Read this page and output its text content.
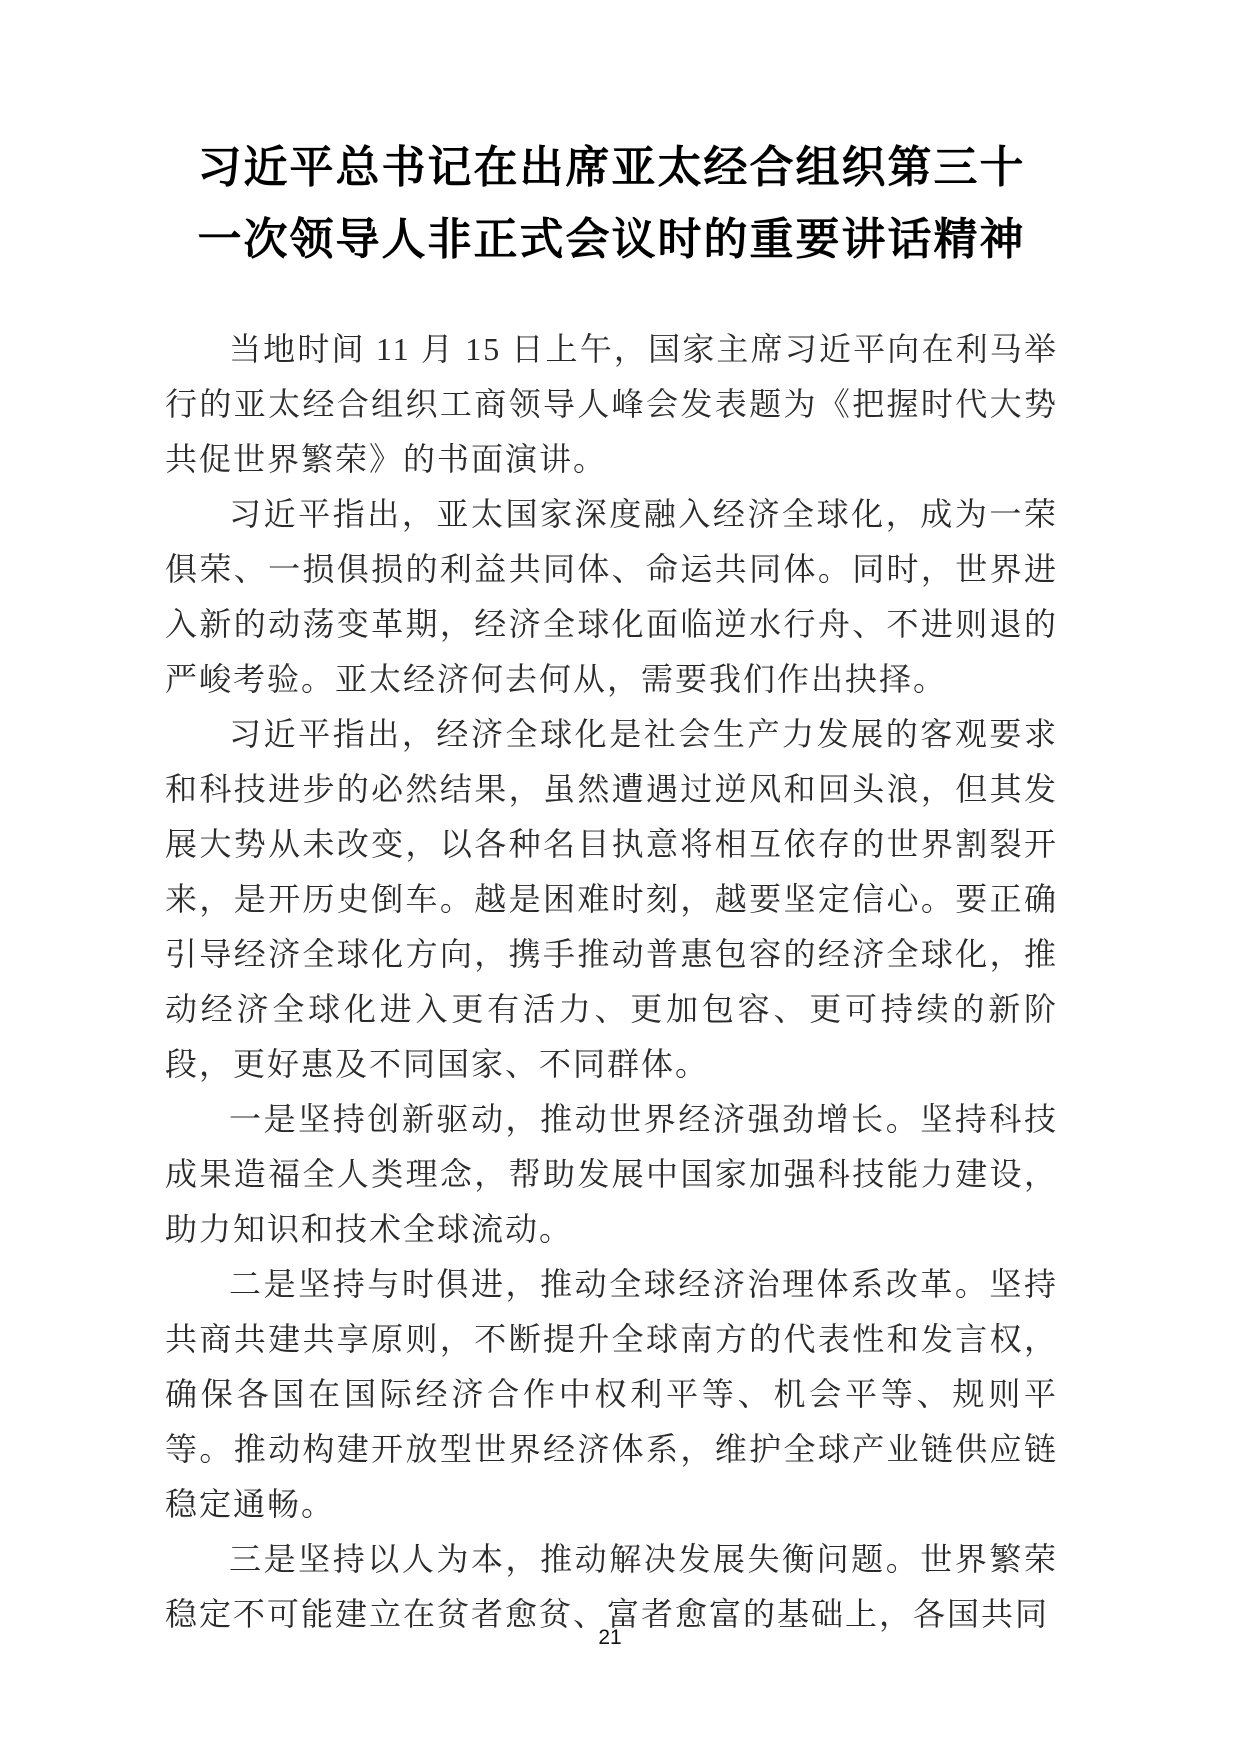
习近平总书记在出席亚太经合组织第三十
一次领导人非正式会议时的重要讲话精神

当地时间 11 月 15 日上午，国家主席习近平向在利马举行的亚太经合组织工商领导人峰会发表题为《把握时代大势 共促世界繁荣》的书面演讲。

习近平指出，亚太国家深度融入经济全球化，成为一荣俱荣、一损俱损的利益共同体、命运共同体。同时，世界进入新的动荡变革期，经济全球化面临逆水行舟、不进则退的严峻考验。亚太经济何去何从，需要我们作出抉择。

习近平指出，经济全球化是社会生产力发展的客观要求和科技进步的必然结果，虽然遭遇过逆风和回头浪，但其发展大势从未改变，以各种名目执意将相互依存的世界割裂开来，是开历史倒车。越是困难时刻，越要坚定信心。要正确引导经济全球化方向，携手推动普惠包容的经济全球化，推动经济全球化进入更有活力、更加包容、更可持续的新阶段，更好惠及不同国家、不同群体。

一是坚持创新驱动，推动世界经济强劲增长。坚持科技成果造福全人类理念，帮助发展中国家加强科技能力建设，助力知识和技术全球流动。

二是坚持与时俱进，推动全球经济治理体系改革。坚持共商共建共享原则，不断提升全球南方的代表性和发言权，确保各国在国际经济合作中权利平等、机会平等、规则平等。推动构建开放型世界经济体系，维护全球产业链供应链稳定通畅。

三是坚持以人为本，推动解决发展失衡问题。世界繁荣稳定不可能建立在贫者愈贫、富者愈富的基础上，各国共同

21
